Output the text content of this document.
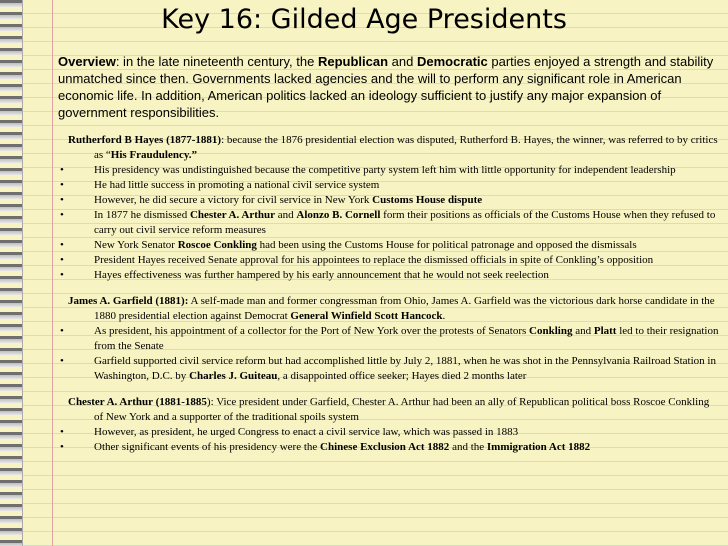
Key 16: Gilded Age Presidents
Overview: in the late nineteenth century, the Republican and Democratic parties enjoyed a strength and stability unmatched since then. Governments lacked agencies and the will to perform any significant role in American economic life. In addition, American politics lacked an ideology sufficient to justify any major expansion of government responsibilities.
Rutherford B Hayes (1877-1881): because the 1876 presidential election was disputed, Rutherford B. Hayes, the winner, was referred to by critics as “His Fraudulency.”
•	His presidency was undistinguished because the competitive party system left him with little opportunity for independent leadership
•	He had little success in promoting a national civil service system
•	However, he did secure a victory for civil service in New York Customs House dispute
•	In 1877 he dismissed Chester A. Arthur and Alonzo B. Cornell form their positions as officials of the Customs House when they refused to carry out civil service reform measures
•	New York Senator Roscoe Conkling had been using the Customs House for political patronage and opposed the dismissals
•	President Hayes received Senate approval for his appointees to replace the dismissed officials in spite of Conkling’s opposition
•	Hayes effectiveness was further hampered by his early announcement that he would not seek reelection
James A. Garfield (1881): A self-made man and former congressman from Ohio, James A. Garfield was the victorious dark horse candidate in the 1880 presidential election against Democrat General Winfield Scott Hancock.
•	As president, his appointment of a collector for the Port of New York over the protests of Senators Conkling and Platt led to their resignation from the Senate
•	Garfield supported civil service reform but had accomplished little by July 2, 1881, when he was shot in the Pennsylvania Railroad Station in Washington, D.C. by Charles J. Guiteau, a disappointed office seeker; Hayes died 2 months later
Chester A. Arthur (1881-1885): Vice president under Garfield, Chester A. Arthur had been an ally of Republican political boss Roscoe Conkling of New York and a supporter of the traditional spoils system
•	However, as president, he urged Congress to enact a civil service law, which was passed in 1883
•	Other significant events of his presidency were the Chinese Exclusion Act 1882 and the Immigration Act 1882
